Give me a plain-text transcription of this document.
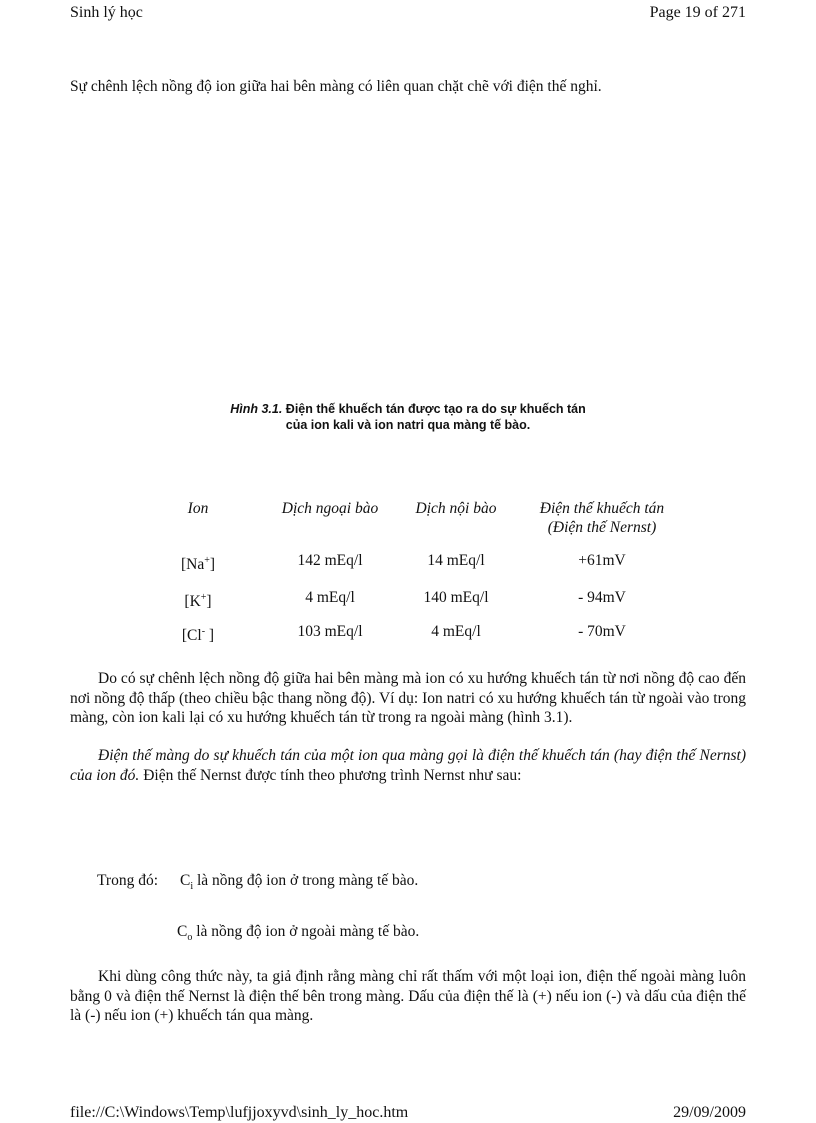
Sinh lý học	Page 19 of 271
Sự chênh lệch nồng độ ion giữa hai bên màng có liên quan chặt chẽ với điện thế nghỉ.
Hình 3.1. Điện thế khuếch tán được tạo ra do sự khuếch tán
của ion kali và ion natri qua màng tế bào.
Ion	Dịch ngoại bào	Dịch nội bào	Điện thế khuếch tán
(Điện thế Nernst)
[Na+]	142 mEq/l	14 mEq/l	+61mV
[K+]	4 mEq/l	140 mEq/l	- 94mV
[Cl- ]	103 mEq/l	4 mEq/l	- 70mV
Do có sự chênh lệch nồng độ giữa hai bên màng mà ion có xu hướng khuếch tán từ nơi nồng độ cao đến nơi nồng độ thấp (theo chiều bậc thang nồng độ). Ví dụ: Ion natri có xu hướng khuếch tán từ ngoài vào trong màng, còn ion kali lại có xu hướng khuếch tán từ trong ra ngoài màng (hình 3.1).
Điện thế màng do sự khuếch tán của một ion qua màng gọi là điện thế khuếch tán (hay điện thế Nernst) của ion đó. Điện thế Nernst được tính theo phương trình Nernst như sau:
Trong đó: $C_i$ là nồng độ ion ở trong màng tế bào.
$C_o$ là nồng độ ion ở ngoài màng tế bào.
Khi dùng công thức này, ta giả định rằng màng chỉ rất thấm với một loại ion, điện thế ngoài màng luôn bằng 0 và điện thế Nernst là điện thế bên trong màng. Dấu của điện thế là (+) nếu ion (-) và dấu của điện thế là (-) nếu ion (+) khuếch tán qua màng.
file://C:\Windows\Temp\lufjjoxyvd\sinh_ly_hoc.htm	29/09/2009
